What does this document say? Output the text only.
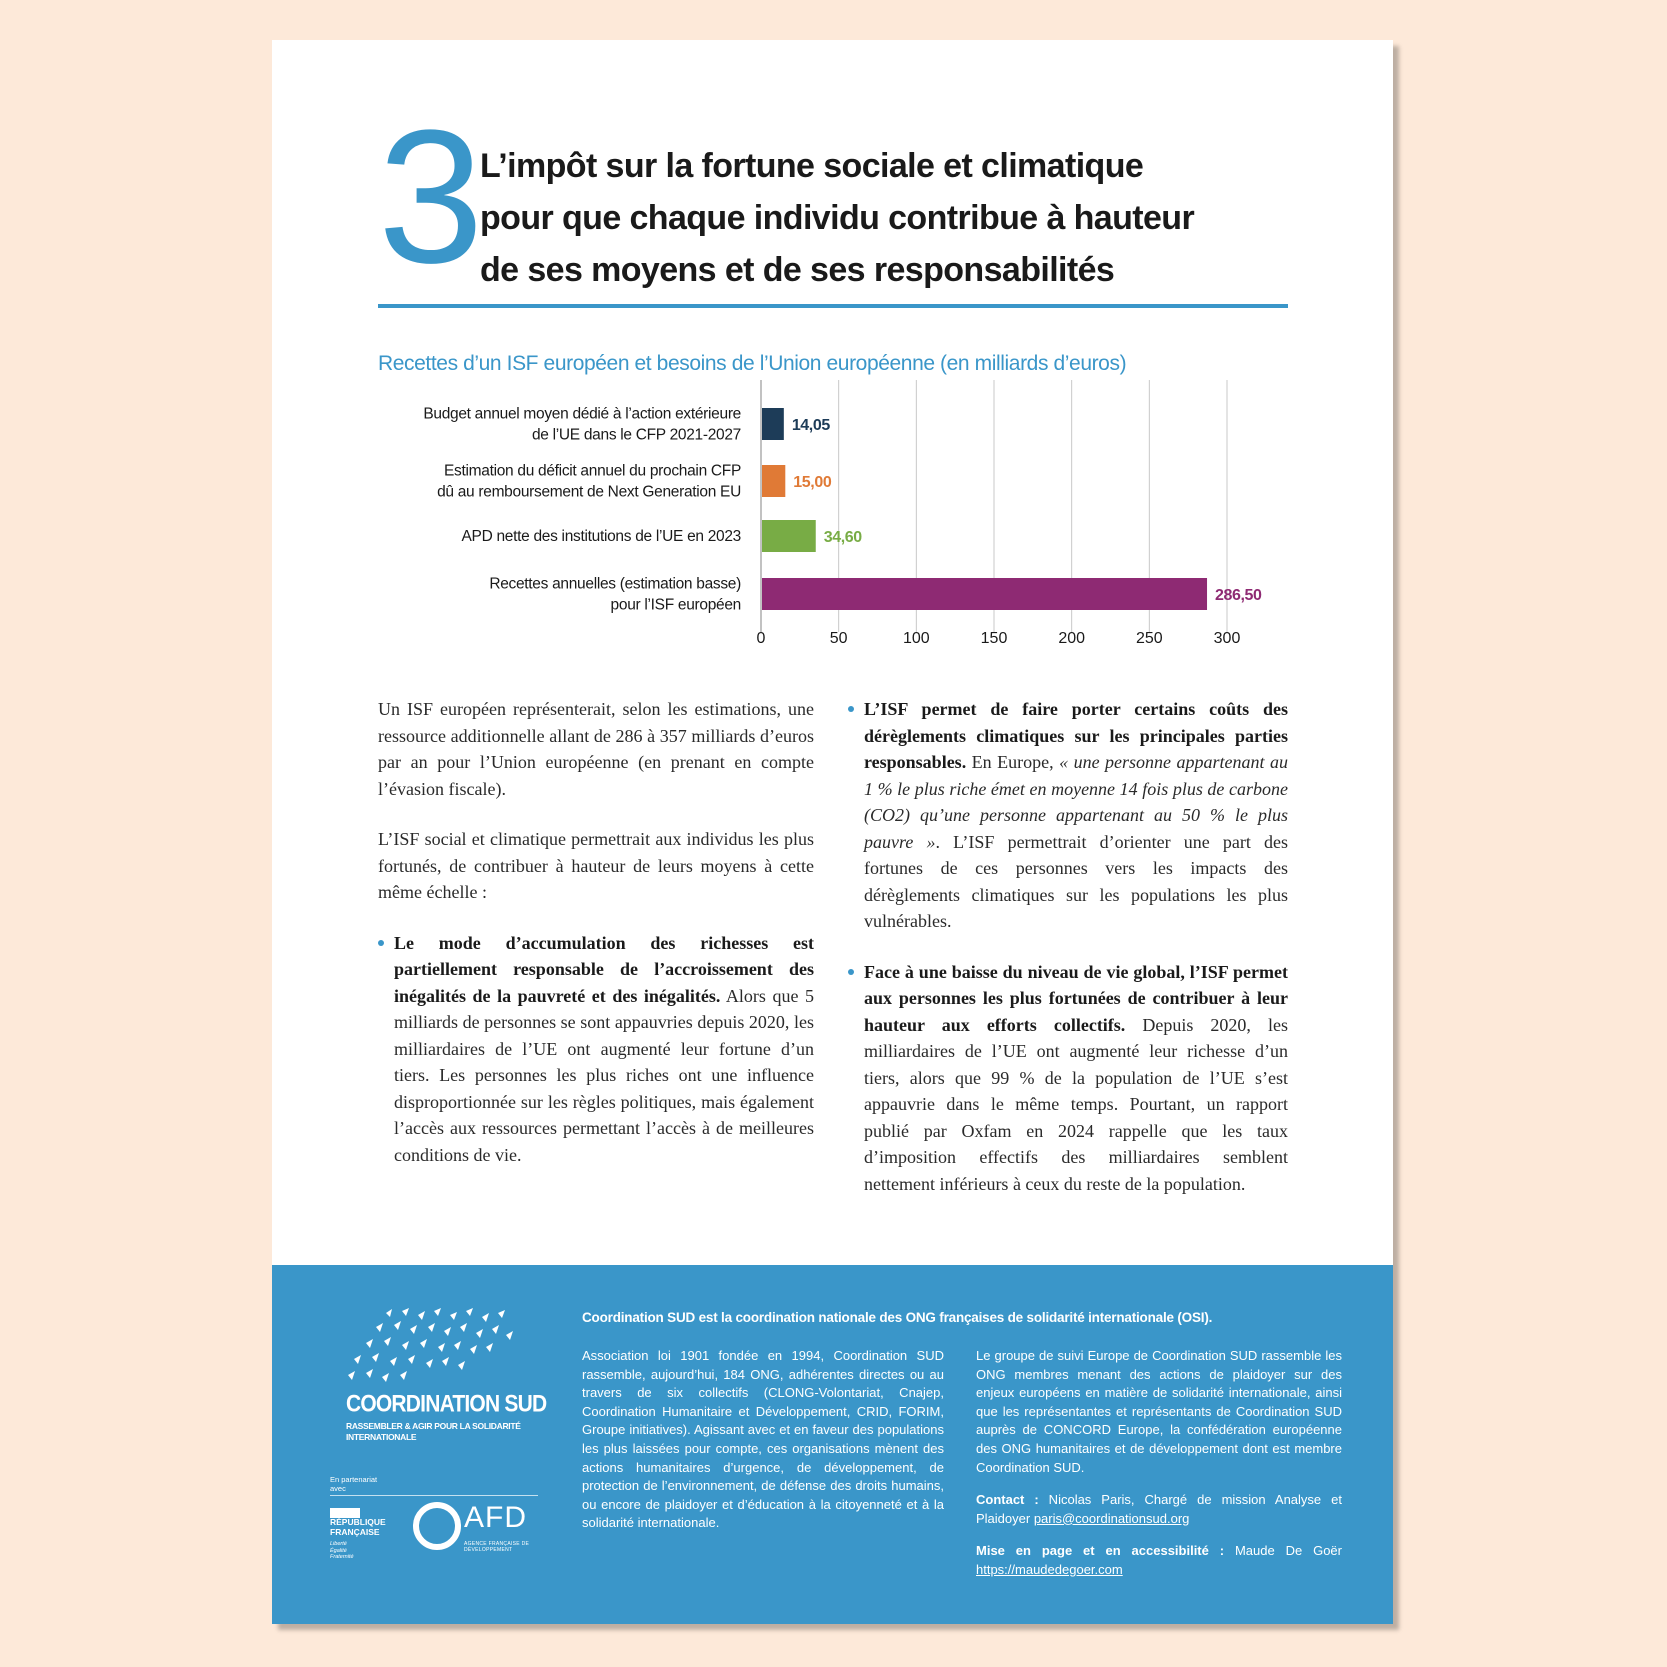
3
L’impôt sur la fortune sociale et climatique
pour que chaque individu contribue à hauteur
de ses moyens et de ses responsabilités
Recettes d’un ISF européen et besoins de l’Union européenne (en milliards d’euros)
0	50	100	150	200	250	300
14,05
Budget annuel moyen dédié à l’action extérieure
de l’UE dans le CFP 2021-2027
15,00
Estimation du déficit annuel du prochain CFP
dû au remboursement de Next Generation EU
34,60
APD nette des institutions de l’UE en 2023
286,50
Recettes annuelles (estimation basse)
pour l’ISF européen

Un ISF européen représenterait, selon les estimations, une ressource additionnelle allant de 286 à 357 milliards d’euros par an pour l’Union européenne (en prenant en compte l’évasion fiscale).

L’ISF social et climatique permettrait aux individus les plus fortunés, de contribuer à hauteur de leurs moyens à cette même échelle :

Le mode d’accumulation des richesses est partiellement responsable de l’accroissement des inégalités de la pauvreté et des inégalités. Alors que 5 milliards de personnes se sont appauvries depuis 2020, les milliardaires de l’UE ont augmenté leur fortune d’un tiers. Les personnes les plus riches ont une influence disproportionnée sur les règles politiques, mais également l’accès aux ressources permettant l’accès à de meilleures conditions de vie.
L’ISF permet de faire porter certains coûts des dérèglements climatiques sur les principales parties responsables. En Europe, « une personne appartenant au 1 % le plus riche émet en moyenne 14 fois plus de carbone (CO2) qu’une personne appartenant au 50 % le plus pauvre ». L’ISF permettrait d’orienter une part des fortunes de ces personnes vers les impacts des dérèglements climatiques sur les populations les plus vulnérables.
Face à une baisse du niveau de vie global, l’ISF permet aux personnes les plus fortunées de contribuer à leur hauteur aux efforts collectifs. Depuis 2020, les milliardaires de l’UE ont augmenté leur richesse d’un tiers, alors que 99 % de la population de l’UE s’est appauvrie dans le même temps. Pourtant, un rapport publié par Oxfam en 2024 rappelle que les taux d’imposition effectifs des milliardaires semblent nettement inférieurs à ceux du reste de la population.
COORDINATION SUD
RASSEMBLER & AGIR POUR LA SOLIDARITÉ INTERNATIONALE
En partenariat avec
RÉPUBLIQUE FRANÇAISE
Liberté Égalité Fraternité
AFD
AGENCE FRANÇAISE DE DÉVELOPPEMENT
Coordination SUD est la coordination nationale des ONG françaises de solidarité internationale (OSI).

Association loi 1901 fondée en 1994, Coordination SUD rassemble, aujourd’hui, 184 ONG, adhérentes directes ou au travers de six collectifs (CLONG-Volontariat, Cnajep, Coordination Humanitaire et Développement, CRID, FORIM, Groupe initiatives). Agissant avec et en faveur des populations les plus laissées pour compte, ces organisations mènent des actions humanitaires d’urgence, de développement, de protection de l’environnement, de défense des droits humains, ou encore de plaidoyer et d’éducation à la citoyenneté et à la solidarité internationale.

Le groupe de suivi Europe de Coordination SUD rassemble les ONG membres menant des actions de plaidoyer sur des enjeux européens en matière de solidarité internationale, ainsi que les représentantes et représentants de Coordination SUD auprès de CONCORD Europe, la confédération européenne des ONG humanitaires et de développement dont est membre Coordination SUD.

Contact : Nicolas Paris, Chargé de mission Analyse et Plaidoyer paris@coordinationsud.org

Mise en page et en accessibilité : Maude De Goër https://maudedegoer.com
